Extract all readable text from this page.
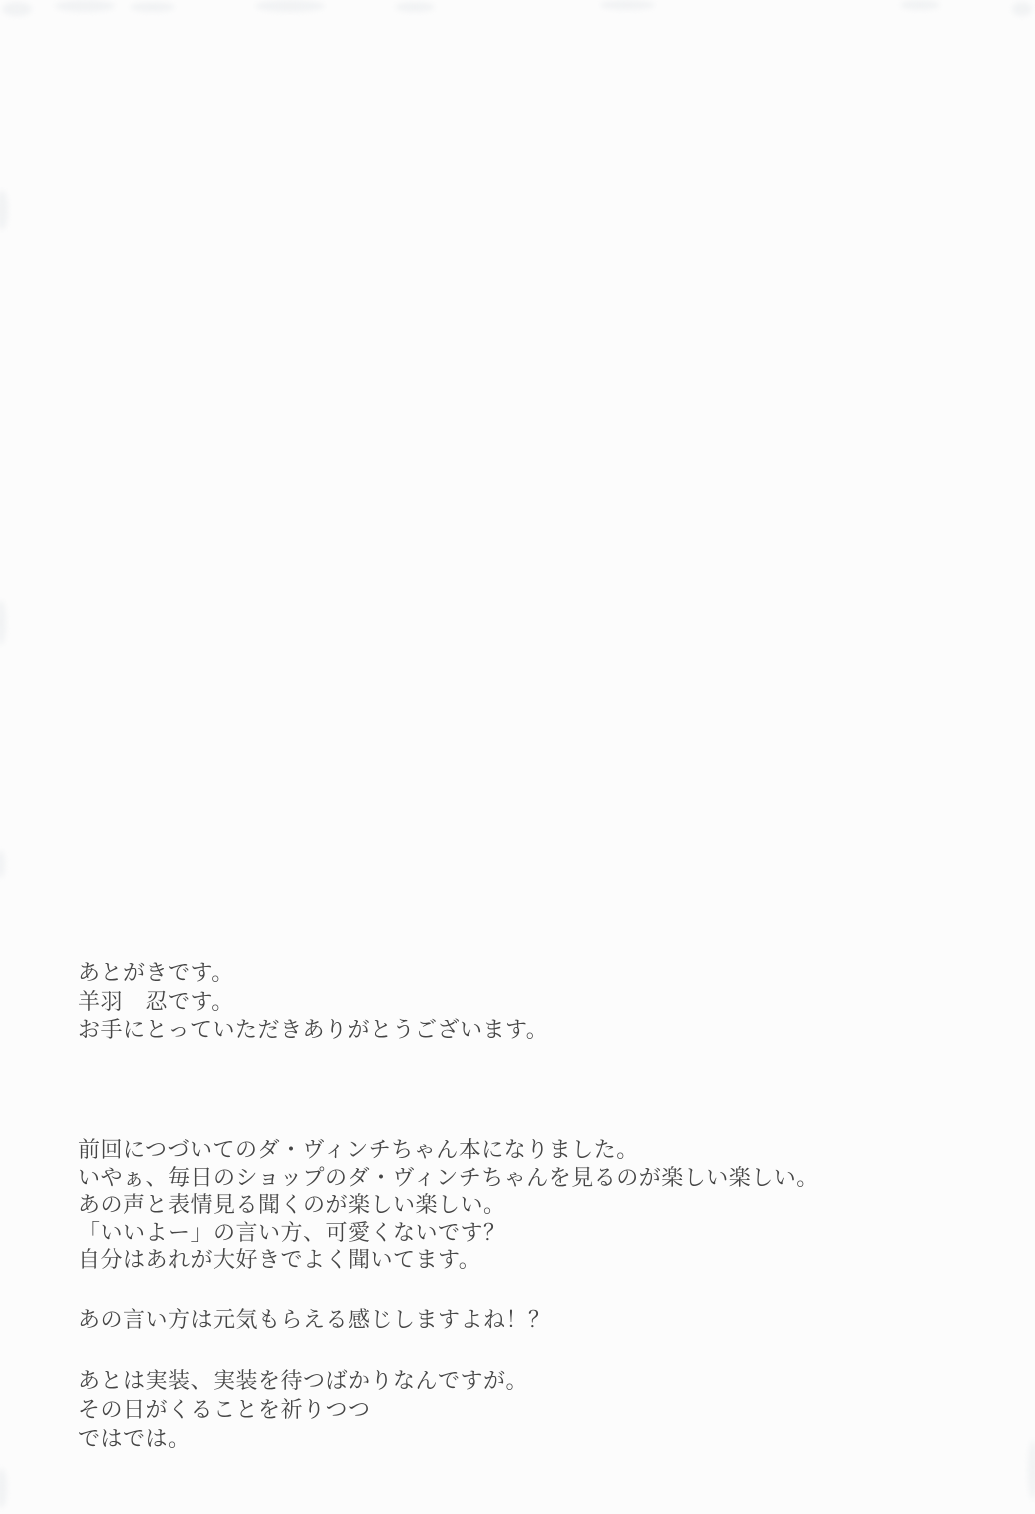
あとがきです。

羊羽　忍です。

お手にとっていただきありがとうございます。

前回につづいてのダ・ヴィンチちゃん本になりました。

いやぁ、毎日のショップのダ・ヴィンチちゃんを見るのが楽しい楽しい。

あの声と表情見る聞くのが楽しい楽しい。

「いいよー」の言い方、可愛くないです？

自分はあれが大好きでよく聞いてます。

あの言い方は元気もらえる感じしますよね！？

あとは実装、実装を待つばかりなんですが。

その日がくることを祈りつつ

ではでは。
